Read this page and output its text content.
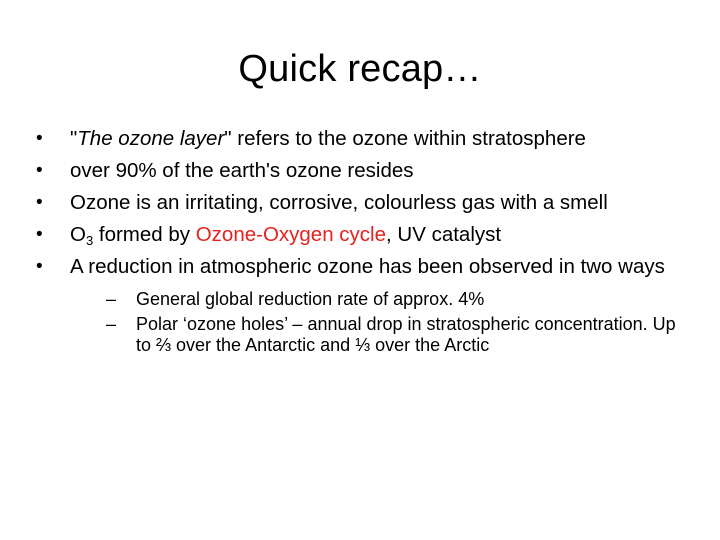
Quick recap…
•	"The ozone layer" refers to the ozone within stratosphere
•	over 90% of the earth's ozone resides
•	Ozone is an irritating, corrosive, colourless gas with a smell
•	$O_3$ formed by Ozone-Oxygen cycle, UV catalyst
•	A reduction in atmospheric ozone has been observed in two ways
– General global reduction rate of approx. 4%
– Polar ‘ozone holes’ – annual drop in stratospheric concentration. Up to ⅔ over the Antarctic and ⅓ over the Arctic
